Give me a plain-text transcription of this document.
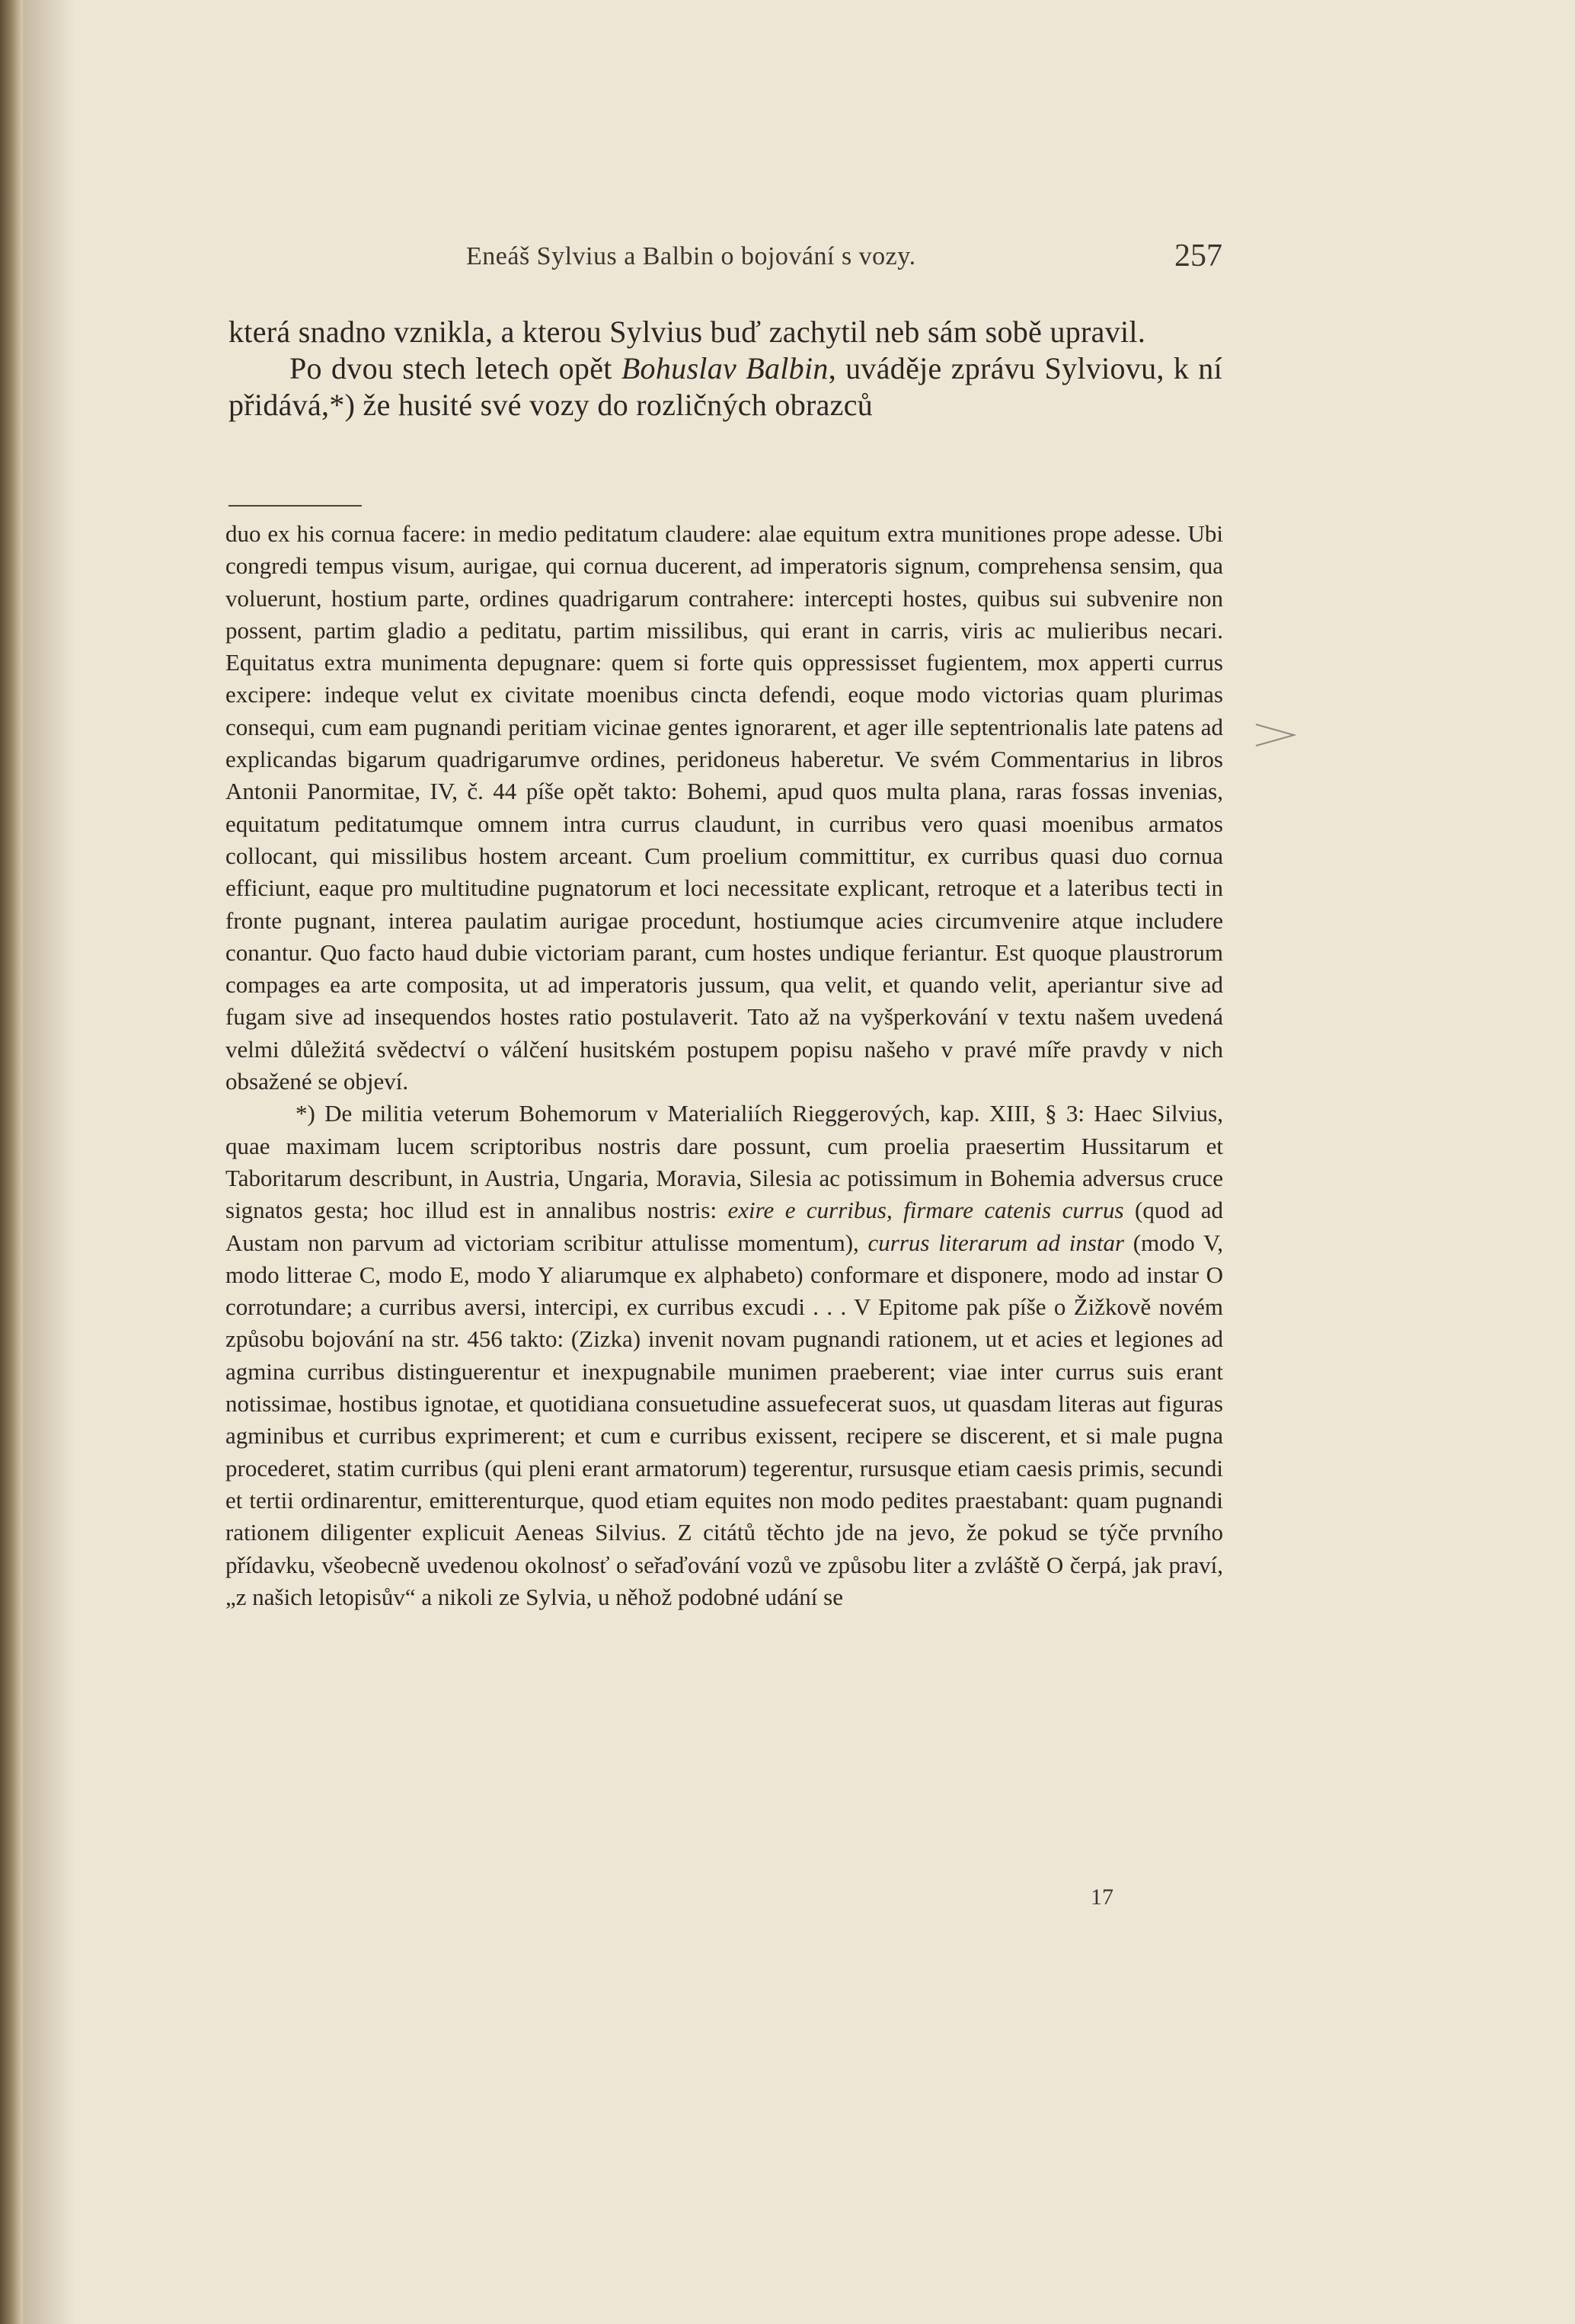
Eneáš Sylvius a Balbin o bojování s vozy.	257

která snadno vznikla, a kterou Sylvius buď zachytil neb sám sobě upravil.

Po dvou stech letech opět Bohuslav Balbin, uváděje zprávu Sylviovu, k ní přidává,*) že husité své vozy do rozličných obrazců

duo ex his cornua facere: in medio peditatum claudere: alae equitum extra munitiones prope adesse. Ubi congredi tempus visum, aurigae, qui cornua ducerent, ad imperatoris signum, comprehensa sensim, qua voluerunt, hostium parte, ordines quadrigarum contrahere: intercepti hostes, quibus sui subvenire non possent, partim gladio a peditatu, partim missilibus, qui erant in carris, viris ac mulieribus necari. Equitatus extra munimenta depugnare: quem si forte quis oppressisset fugientem, mox apperti currus excipere: indeque velut ex civitate moenibus cincta defendi, eoque modo victorias quam plurimas consequi, cum eam pugnandi peritiam vicinae gentes ignorarent, et ager ille septentrionalis late patens ad explicandas bigarum quadrigarumve ordines, peridoneus haberetur. Ve svém Commentarius in libros Antonii Panormitae, IV, č. 44 píše opět takto: Bohemi, apud quos multa plana, raras fossas invenias, equitatum peditatumque omnem intra currus claudunt, in curribus vero quasi moenibus armatos collocant, qui missilibus hostem arceant. Cum proelium committitur, ex curribus quasi duo cornua efficiunt, eaque pro multitudine pugnatorum et loci necessitate explicant, retroque et a lateribus tecti in fronte pugnant, interea paulatim aurigae procedunt, hostiumque acies circumvenire atque includere conantur. Quo facto haud dubie victoriam parant, cum hostes undique feriantur. Est quoque plaustrorum compages ea arte composita, ut ad imperatoris jussum, qua velit, et quando velit, aperiantur sive ad fugam sive ad insequendos hostes ratio postulaverit. Tato až na vyšperkování v textu našem uvedená velmi důležitá svědectví o válčení husitském postupem popisu našeho v pravé míře pravdy v nich obsažené se objeví.

*) De militia veterum Bohemorum v Materialiích Rieggerových, kap. XIII, § 3: Haec Silvius, quae maximam lucem scriptoribus nostris dare possunt, cum proelia praesertim Hussitarum et Taboritarum describunt, in Austria, Ungaria, Moravia, Silesia ac potissimum in Bohemia adversus cruce signatos gesta; hoc illud est in annalibus nostris: exire e curribus, firmare catenis currus (quod ad Austam non parvum ad victoriam scribitur attulisse momentum), currus literarum ad instar (modo V, modo litterae C, modo E, modo Y aliarumque ex alphabeto) conformare et disponere, modo ad instar O corrotundare; a curribus aversi, intercipi, ex curribus excudi . . . V Epitome pak píše o Žižkově novém způsobu bojování na str. 456 takto: (Zizka) invenit novam pugnandi rationem, ut et acies et legiones ad agmina curribus distinguerentur et inexpugnabile munimen praeberent; viae inter currus suis erant notissimae, hostibus ignotae, et quotidiana consuetudine assuefecerat suos, ut quasdam literas aut figuras agminibus et curribus exprimerent; et cum e curribus exissent, recipere se discerent, et si male pugna procederet, statim curribus (qui pleni erant armatorum) tegerentur, rursusque etiam caesis primis, secundi et tertii ordinarentur, emitterenturque, quod etiam equites non modo pedites praestabant: quam pugnandi rationem diligenter explicuit Aeneas Silvius. Z citátů těchto jde na jevo, že pokud se týče prvního přídavku, všeobecně uvedenou okolnosť o seřaďování vozů ve způsobu liter a zvláště O čerpá, jak praví, „z našich letopisův“ a nikoli ze Sylvia, u něhož podobné udání se

17
